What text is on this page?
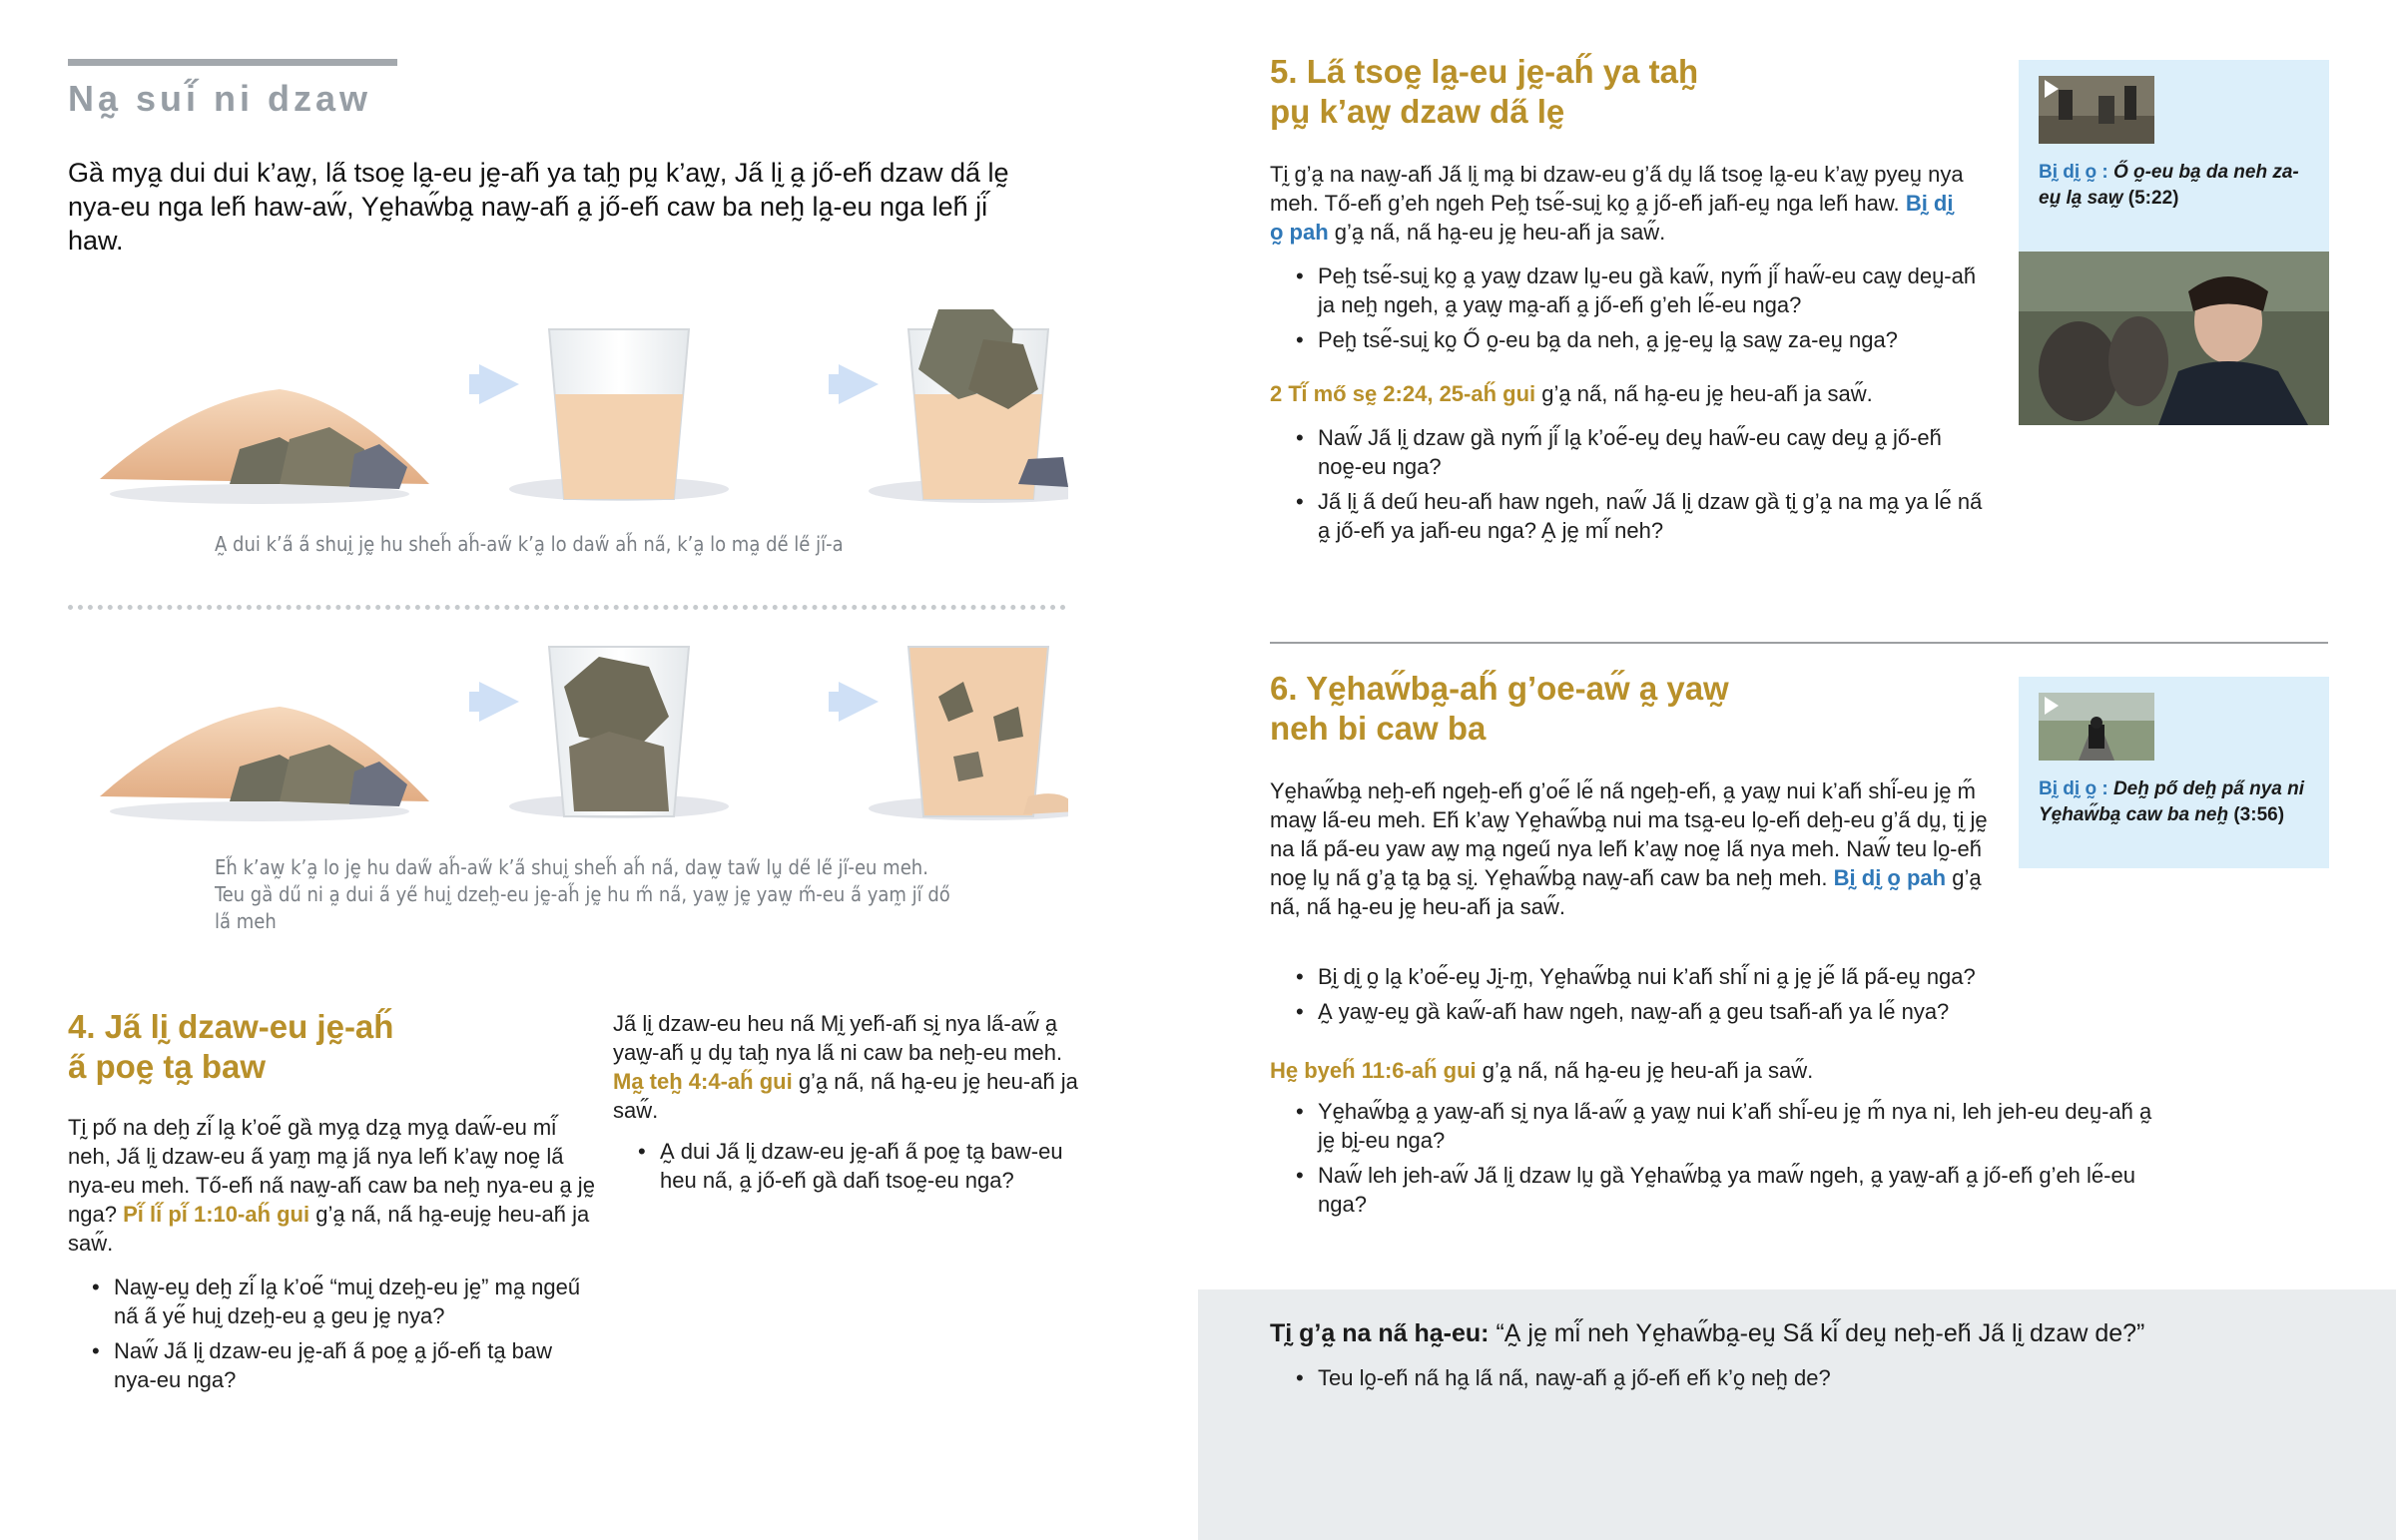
Na̰ sui̋ ni dzaw

Gȁ mya̰ dui dui k’aw̰, la̋ tsoḛ la̰-eu jḛ-ah̋ ya tah̰ pṵ k’aw̰, Ja̋ lḭ a̰ jő-eh̋ dzaw da̋ lḛ nya-eu nga leh̋ haw-aw̋, Yḛhaw̋ba̰ naw̰-ah̋ a̰ jő-eh̋ caw ba neh̰ la̰-eu nga leh̋ ji̋ haw.

A̰ dui k’a̋ a̋ shuḭ jḛ hu sheh̋ ah̋-aw̋ k’a̰ lo daw̋ ah̋ na̋, k’a̰ lo ma̰ de̋ le̋ ji̋-a
Eh̋ k’aw̰ k’a̰ lo jḛ hu daw̋ ah̋-aw̋ k’a̋ shuḭ sheh̋ ah̋ na̋, daw̰ taw̋ lṵ de̋ le̋ ji̋-eu meh. Teu gȁ dű ni a̰ dui a̋ ye̋ huḭ dzeh̰-eu jḛ-ah̋ jḛ hu m̋ na̋, yaw̰ jḛ yaw̰ m̋-eu a̋ yam̰ ji̋ dő la̋ meh
4. Ja̋ lḭ dzaw-eu jḛ-ah̋
a̋ poḛ ta̰ baw
Tḭ pő na deh̰ zi̋ la̰ k’oe̋ gȁ mya̰ dza̰ mya̰ daw̋-eu mi̋ neh, Ja̋ lḭ dzaw-eu a̋ yam̰ ma̰ ja̋ nya leh̋ k’aw̰ noḛ la̋ nya-eu meh. Tő-eh̋ na̋ naw̰-ah̋ caw ba neh̰ nya-eu a̰ jḛ nga? Pi̋ li̋ pi̋ 1:10-ah̋ gui g’a̰ na̋, na̋ ha̰-eujḛ heu-ah̋ ja saw̋.
• Naw̰-eṵ deh̰ zi̋ la̰ k’oe̋ “muḭ dzeh̰-eu jḛ” ma̰ ngeű na̋ a̋ ye̋ huḭ dzeh̰-eu a̰ geu jḛ nya?
• Naw̋ Ja̋ lḭ dzaw-eu jḛ-ah̋ a̋ poḛ a̰ jő-eh̋ ta̰ baw nya-eu nga?
Ja̋ lḭ dzaw-eu heu na̋ Mḭ yeh̋-ah̋ sḭ nya la̋-aw̋ a̰ yaw̰-ah̋ ṵ dṵ tah̰ nya la̋ ni caw ba neh̰-eu meh. Ma̰ teh̰ 4:4-ah̋ gui g’a̰ na̋, na̋ ha̰-eu jḛ heu-ah̋ ja saw̋.
• A̰ dui Ja̋ lḭ dzaw-eu jḛ-ah̋ a̋ poḛ ta̰ baw-eu heu na̋, a̰ jő-eh̋ gȁ dah̋ tsoḛ-eu nga?
5. La̋ tsoḛ la̰-eu jḛ-ah̋ ya tah̰
pṵ k’aw̰ dzaw da̋ lḛ
Tḭ g’a̰ na naw̰-ah̋ Ja̋ lḭ ma̰ bi dzaw-eu g’a̋ dṵ la̋ tsoḛ la̰-eu k’aw̰ pyeṵ nya meh. Tő-eh̋ g’eh ngeh Peh̰ tse̋-suḭ ko̰ a̰ jő-eh̋ jah̋-eṵ nga leh̋ haw. Bḭ dḭ o̰ pah g’a̰ na̋, na̋ ha̰-eu jḛ heu-ah̋ ja saw̋.
• Peh̰ tse̋-suḭ ko̰ a̰ yaw̰ dzaw lṵ-eu gȁ kaw̋, nym̋ ji̋ haw̋-eu caw̰ deṵ-ah̋ ja neh̰ ngeh, a̰ yaw̰ ma̰-ah̋ a̰ jő-eh̋ g’eh le̋-eu nga?
• Peh̰ tse̋-suḭ ko̰ Ő o̰-eu ba̰ da neh, a̰ jḛ-eṵ la̰ saw̰ za-eṵ nga?
2 Ti̋ mő sḛ 2:24, 25-ah̋ gui g’a̰ na̋, na̋ ha̰-eu jḛ heu-ah̋ ja saw̋.
• Naw̋ Ja̋ lḭ dzaw gȁ nym̋ ji̋ la̰ k’oe̋-eṵ deṵ haw̋-eu caw̰ deṵ a̰ jő-eh̋ noḛ-eu nga?
• Ja̋ lḭ a̋ deű heu-ah̋ haw ngeh, naw̋ Ja̋ lḭ dzaw gȁ tḭ g’a̰ na ma̰ ya le̋ na̋ a̰ jő-eh̋ ya jah̋-eu nga? A̰ jḛ mi̋ neh?
Bḭ dḭ o̰ : Ő o̰-eu ba̰ da neh za-eṵ la̰ saw̰ (5:22)
6. Yḛhaw̋ba̰-ah̋ g’oe-aw̋ a̰ yaw̰
neh bi caw ba
Yḛhaw̋ba̰ neh̰-eh̋ ngeh̰-eh̋ g’oe̋ le̋ na̋ ngeh̰-eh̋, a̰ yaw̰ nui k’ah̋ shi̋-eu jḛ m̋ maw̰ la̋-eu meh. Eh̋ k’aw̰ Yḛhaw̋ba̰ nui ma tsa̰-eu lo̰-eh̋ deh̰-eu g’a̋ dṵ, tḭ jḛ na la̋ pa̋-eu yaw aw̰ ma̰ ngeű nya leh̋ k’aw̰ noḛ la̋ nya meh. Naw̋ teu lo̰-eh̋ noḛ lṵ na̋ g’a̰ ta̰ ba̰ sḭ. Yḛhaw̋ba̰ naw̰-ah̋ caw ba neh̰ meh. Bḭ dḭ o̰ pah g’a̰ na̋, na̋ ha̰-eu jḛ heu-ah̋ ja saw̋.
• Bḭ dḭ o̰ la̰ k’oe̋-eṵ Jḭ-m̰, Yḛhaw̋ba̰ nui k’ah̋ shi̋ ni a̰ jḛ je̋ la̋ pa̋-eṵ nga?
• A̰ yaw̰-eṵ gȁ kaw̋-ah̋ haw ngeh, naw̰-ah̋ a̰ geu tsah̋-ah̋ ya le̋ nya?
Hḛ byeh̋ 11:6-ah̋ gui g’a̰ na̋, na̋ ha̰-eu jḛ heu-ah̋ ja saw̋.
• Yḛhaw̋ba̰ a̰ yaw̰-ah̋ sḭ nya la̋-aw̋ a̰ yaw̰ nui k’ah̋ shi̋-eu jḛ m̋ nya ni, leh jeh-eu deṵ-ah̋ a̰ jḛ bḭ-eu nga?
• Naw̋ leh jeh-aw̋ Ja̋ lḭ dzaw lṵ gȁ Yḛhaw̋ba̰ ya maw̋ ngeh, a̰ yaw̰-ah̋ a̰ jő-eh̋ g’eh le̋-eu nga?
Bḭ dḭ o̰ : Deh̰ pő deh̰ pa̋ nya ni Yḛhaw̋ba̰ caw ba neh̰ (3:56)
Tḭ g’a̰ na na̋ ha̰-eu: “A̰ jḛ mi̋ neh Yḛhaw̋ba̰-eṵ Sa̋ ki̋ deṵ neh̰-eh̋ Ja̋ lḭ dzaw de?”
• Teu lo̰-eh̋ na̋ ha̰ la̋ na̋, naw̰-ah̋ a̰ jő-eh̋ eh̋ k’o̰ neh̰ de?
